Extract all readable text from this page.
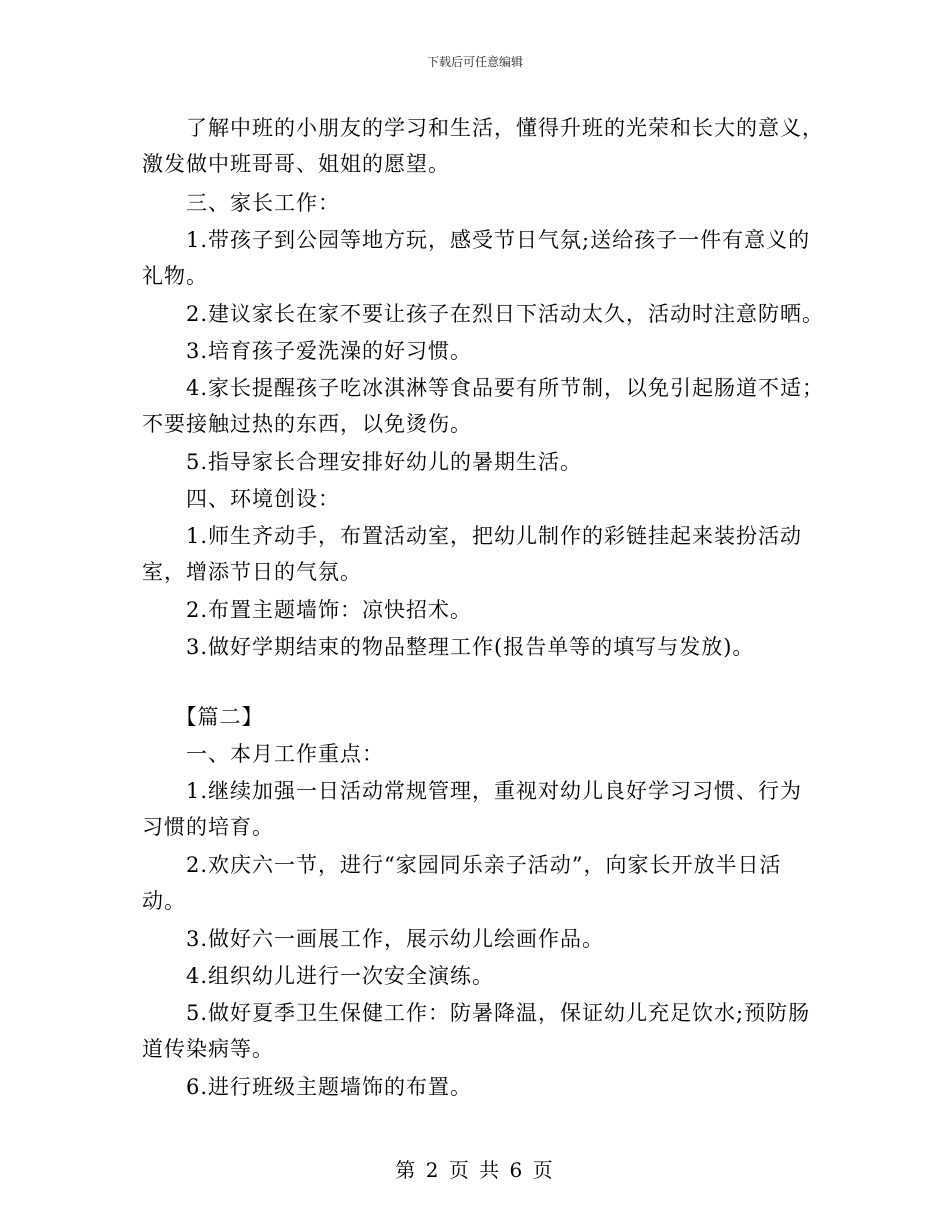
下载后可任意编辑
　　了解中班的小朋友的学习和生活，懂得升班的光荣和长大的意义，
激发做中班哥哥、姐姐的愿望。
　　三、家长工作：
　　1.带孩子到公园等地方玩，感受节日气氛;送给孩子一件有意义的
礼物。
　　2.建议家长在家不要让孩子在烈日下活动太久，活动时注意防晒。
　　3.培育孩子爱洗澡的好习惯。
　　4.家长提醒孩子吃冰淇淋等食品要有所节制，以免引起肠道不适；
不要接触过热的东西，以免烫伤。
　　5.指导家长合理安排好幼儿的暑期生活。
　　四、环境创设：
　　1.师生齐动手，布置活动室，把幼儿制作的彩链挂起来装扮活动
室，增添节日的气氛。
　　2.布置主题墙饰：凉快招术。
　　3.做好学期结束的物品整理工作(报告单等的填写与发放)。
　　【篇二】
　　一、本月工作重点：
　　1.继续加强一日活动常规管理，重视对幼儿良好学习习惯、行为
习惯的培育。
　　2.欢庆六一节，进行“家园同乐亲子活动”，向家长开放半日活
动。
　　3.做好六一画展工作，展示幼儿绘画作品。
　　4.组织幼儿进行一次安全演练。
　　5.做好夏季卫生保健工作：防暑降温，保证幼儿充足饮水;预防肠
道传染病等。
　　6.进行班级主题墙饰的布置。
第 2 页 共 6 页
